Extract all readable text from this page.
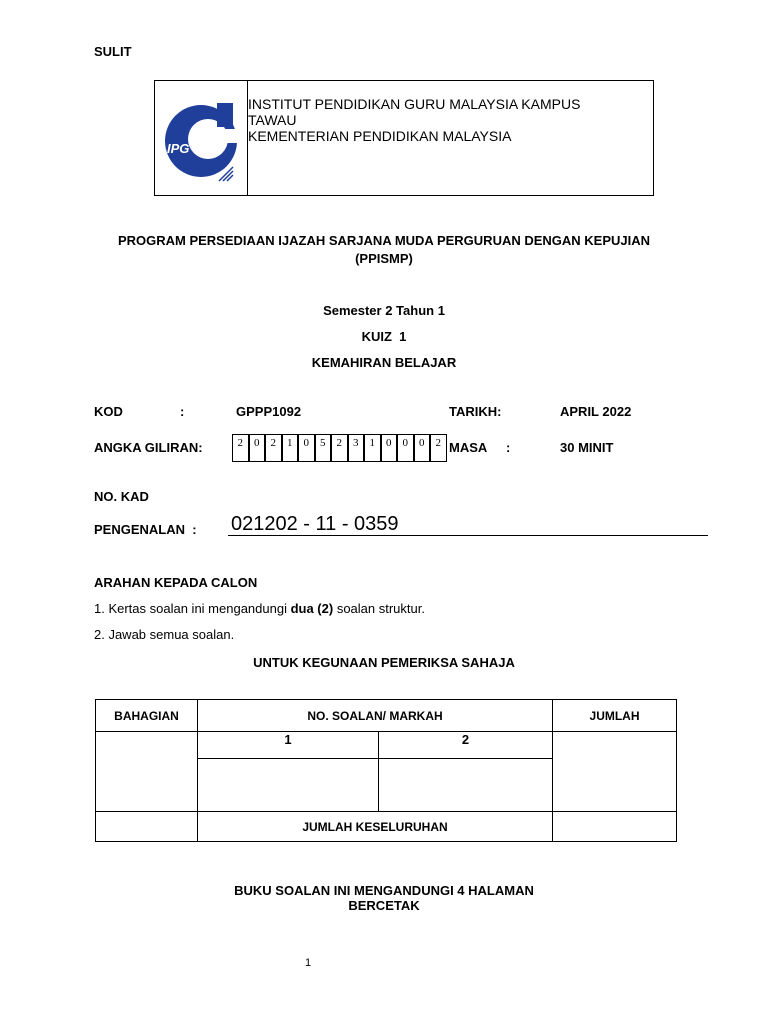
SULIT
IPG
INSTITUT PENDIDIKAN GURU MALAYSIA KAMPUS
TAWAU
KEMENTERIAN PENDIDIKAN MALAYSIA
PROGRAM PERSEDIAAN IJAZAH SARJANA MUDA PERGURUAN DENGAN KEPUJIAN
(PPISMP)
Semester 2 Tahun 1
KUIZ  1
KEMAHIRAN BELAJAR
KOD	:	GPPP1092	TARIKH:	APRIL 2022
ANGKA GILIRAN:	2	0	2	1	0	5	2	3	1	0	0	0	2 MASA :	30 MINIT
NO. KAD
PENGENALAN  : 021202 - 11 - 0359
ARAHAN KEPADA CALON
1. Kertas soalan ini mengandungi dua (2) soalan struktur.
2. Jawab semua soalan.
UNTUK KEGUNAAN PEMERIKSA SAHAJA
BAHAGIAN	NO. SOALAN/ MARKAH		JUMLAH
	1	2	

	JUMLAH KESELURUHAN		
BUKU SOALAN INI MENGANDUNGI 4 HALAMAN
BERCETAK
1
